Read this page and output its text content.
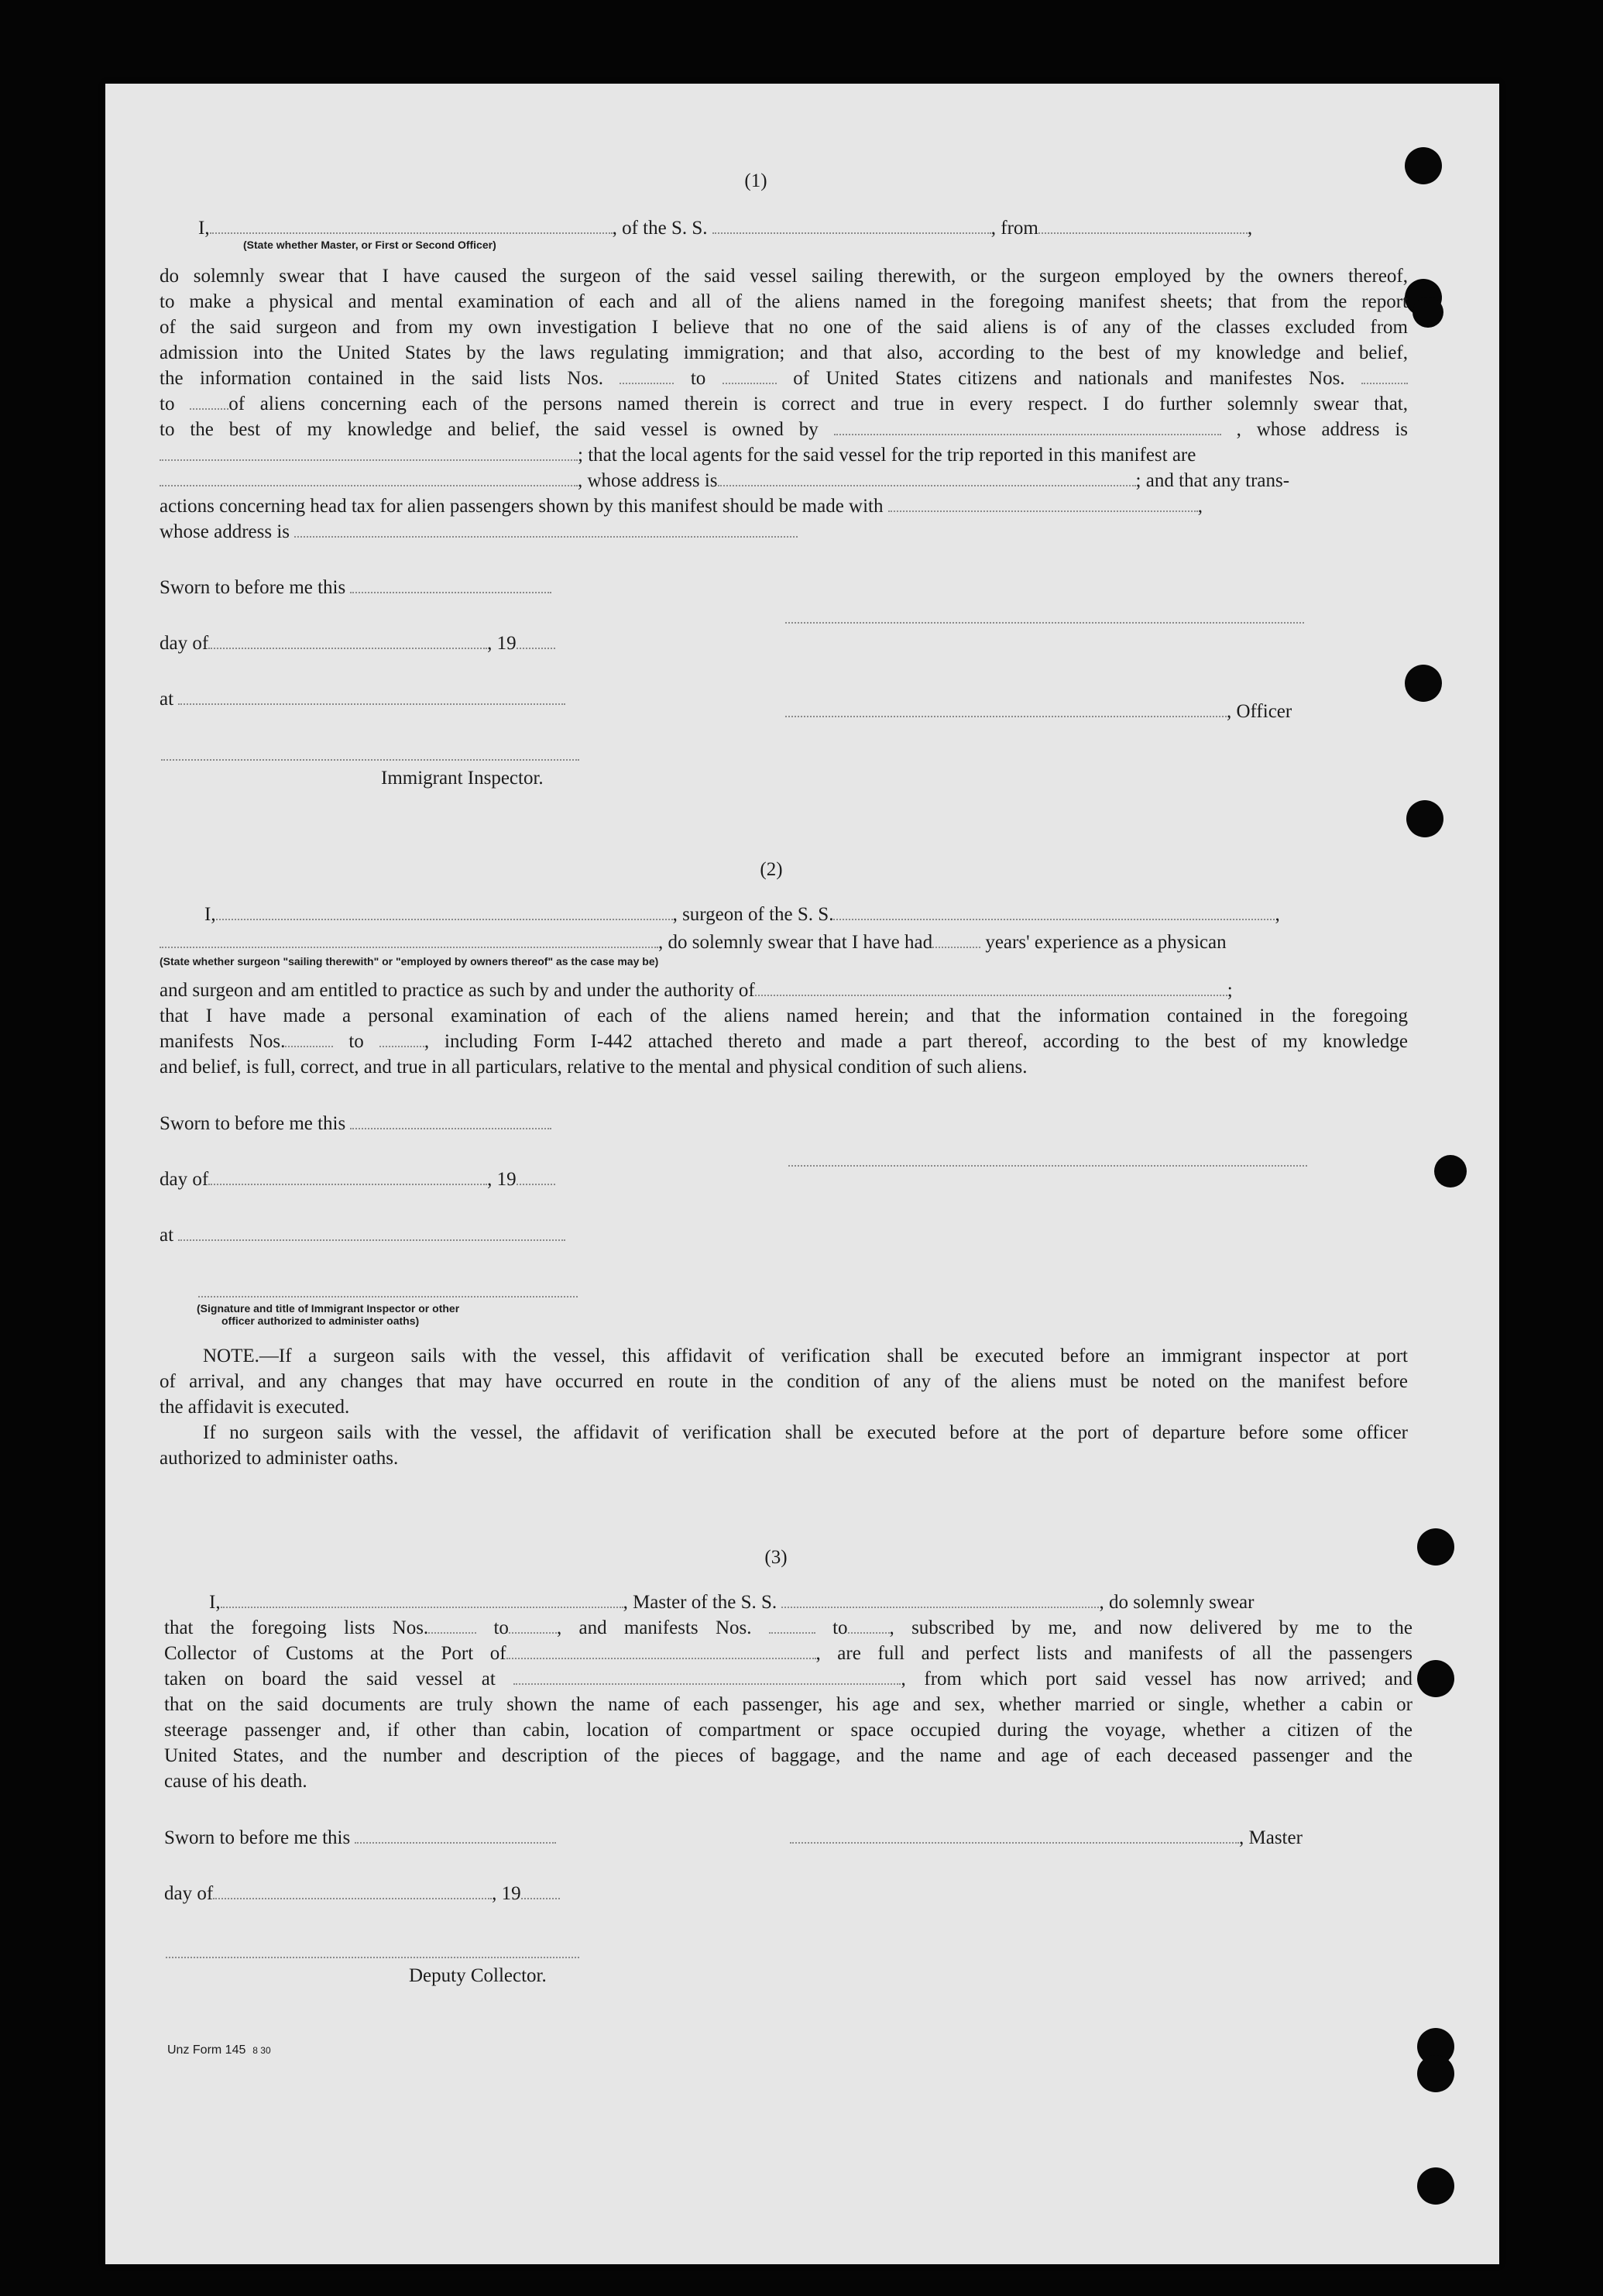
(1)
I,	, of the S. S.	, from	,
(State whether Master, or First or Second Officer)
do solemnly swear that I have caused the surgeon of the said vessel sailing therewith, or the surgeon employed by the owners thereof,
to make a physical and mental examination of each and all of the aliens named in the foregoing manifest sheets; that from the report
of the said surgeon and from my own investigation I believe that no one of the said aliens is of any of the classes excluded from
admission into the United States by the laws regulating immigration; and that also, according to the best of my knowledge and belief,
the information contained in the said lists Nos.	to	of United States citizens and nationals and manifestes Nos.
to	of aliens concerning each of the persons named therein is correct and true in every respect. I do further solemnly swear that,
to the best of my knowledge and belief, the said vessel is owned by	, whose address is
; that the local agents for the said vessel for the trip reported in this manifest are
, whose address is	; and that any trans-
actions concerning head tax for alien passengers shown by this manifest should be made with	,
whose address is
Sworn to before me this
day of	, 19
at
, Officer
Immigrant Inspector.
(2)
I,	, surgeon of the S. S.	,
, do solemnly swear that I have had	years' experience as a physican
(State whether surgeon "sailing therewith" or "employed by owners thereof" as the case may be)
and surgeon and am entitled to practice as such by and under the authority of	;
that I have made a personal examination of each of the aliens named herein; and that the information contained in the foregoing
manifests Nos.	to	, including Form I-442 attached thereto and made a part thereof, according to the best of my knowledge
and belief, is full, correct, and true in all particulars, relative to the mental and physical condition of such aliens.
Sworn to before me this
day of	, 19
at
(Signature and title of Immigrant Inspector or other
officer authorized to administer oaths)
NOTE.—If a surgeon sails with the vessel, this affidavit of verification shall be executed before an immigrant inspector at port
of arrival, and any changes that may have occurred en route in the condition of any of the aliens must be noted on the manifest before
the affidavit is executed.
If no surgeon sails with the vessel, the affidavit of verification shall be executed before at the port of departure before some officer
authorized to administer oaths.
(3)
I,	, Master of the S. S.	, do solemnly swear
that the foregoing lists Nos.	to , and manifests Nos.	to , subscribed by me, and now delivered by me to the
Collector of Customs at the Port of	, are full and perfect lists and manifests of all the passengers
taken on board the said vessel at	, from which port said vessel has now arrived; and
that on the said documents are truly shown the name of each passenger, his age and sex, whether married or single, whether a cabin or
steerage passenger and, if other than cabin, location of compartment or space occupied during the voyage, whether a citizen of the
United States, and the number and description of the pieces of baggage, and the name and age of each deceased passenger and the
cause of his death.
Sworn to before me this	, Master
day of	, 19
Deputy Collector.
Unz Form 145 8 30
